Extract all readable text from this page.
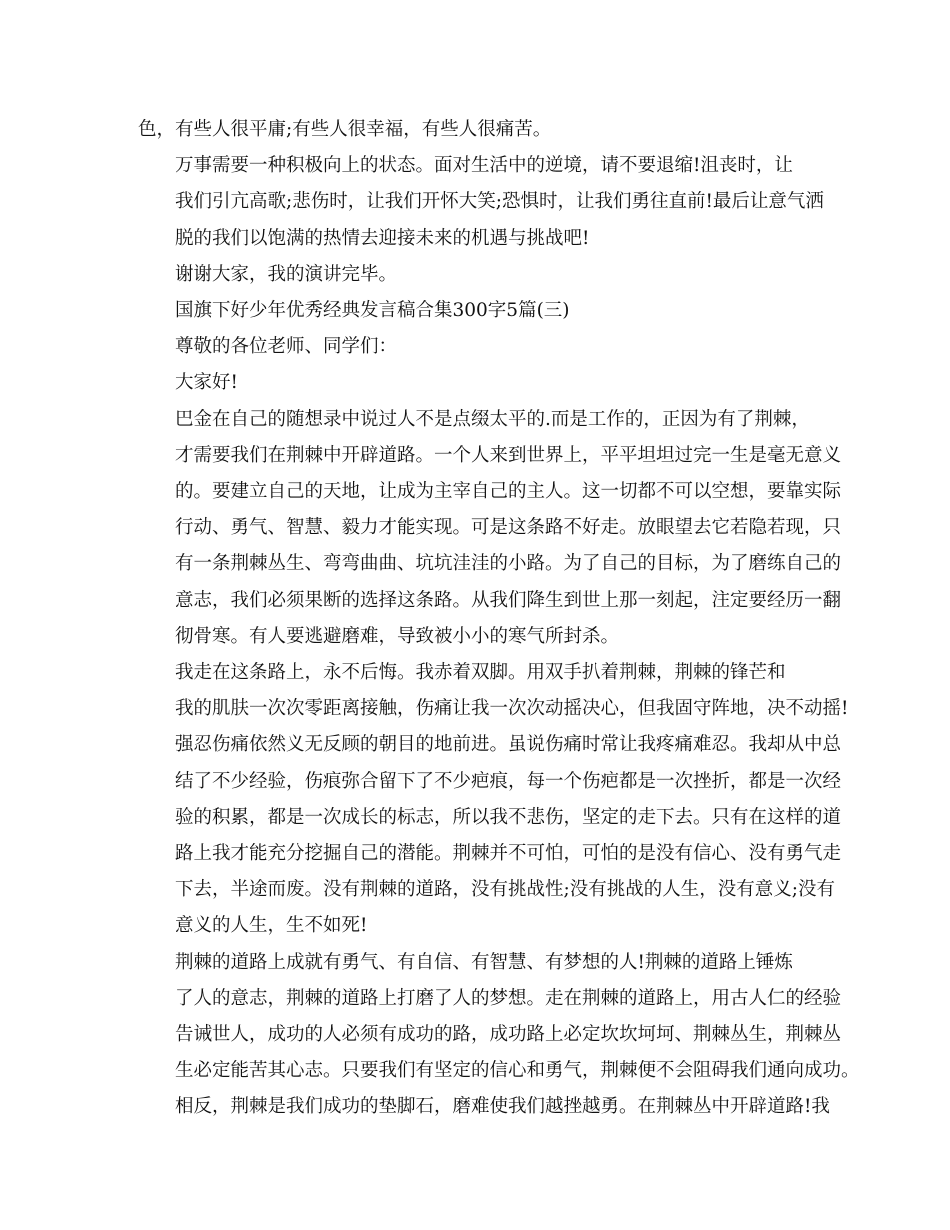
色，有些人很平庸;有些人很幸福，有些人很痛苦。
万事需要一种积极向上的状态。面对生活中的逆境，请不要退缩!沮丧时，让
我们引亢高歌;悲伤时，让我们开怀大笑;恐惧时，让我们勇往直前!最后让意气洒
脱的我们以饱满的热情去迎接未来的机遇与挑战吧!
谢谢大家，我的演讲完毕。
国旗下好少年优秀经典发言稿合集300字5篇(三)
尊敬的各位老师、同学们：
大家好!
巴金在自己的随想录中说过人不是点缀太平的.而是工作的，正因为有了荆棘，
才需要我们在荆棘中开辟道路。一个人来到世界上，平平坦坦过完一生是毫无意义
的。要建立自己的天地，让成为主宰自己的主人。这一切都不可以空想，要靠实际
行动、勇气、智慧、毅力才能实现。可是这条路不好走。放眼望去它若隐若现，只
有一条荆棘丛生、弯弯曲曲、坑坑洼洼的小路。为了自己的目标，为了磨练自己的
意志，我们必须果断的选择这条路。从我们降生到世上那一刻起，注定要经历一翻
彻骨寒。有人要逃避磨难，导致被小小的寒气所封杀。
我走在这条路上，永不后悔。我赤着双脚。用双手扒着荆棘，荆棘的锋芒和
我的肌肤一次次零距离接触，伤痛让我一次次动摇决心，但我固守阵地，决不动摇!
强忍伤痛依然义无反顾的朝目的地前进。虽说伤痛时常让我疼痛难忍。我却从中总
结了不少经验，伤痕弥合留下了不少疤痕，每一个伤疤都是一次挫折，都是一次经
验的积累，都是一次成长的标志，所以我不悲伤，坚定的走下去。只有在这样的道
路上我才能充分挖掘自己的潜能。荆棘并不可怕，可怕的是没有信心、没有勇气走
下去，半途而废。没有荆棘的道路，没有挑战性;没有挑战的人生，没有意义;没有
意义的人生，生不如死!
荆棘的道路上成就有勇气、有自信、有智慧、有梦想的人!荆棘的道路上锤炼
了人的意志，荆棘的道路上打磨了人的梦想。走在荆棘的道路上，用古人仁的经验
告诫世人，成功的人必须有成功的路，成功路上必定坎坎坷坷、荆棘丛生，荆棘丛
生必定能苦其心志。只要我们有坚定的信心和勇气，荆棘便不会阻碍我们通向成功。
相反，荆棘是我们成功的垫脚石，磨难使我们越挫越勇。在荆棘丛中开辟道路!我
